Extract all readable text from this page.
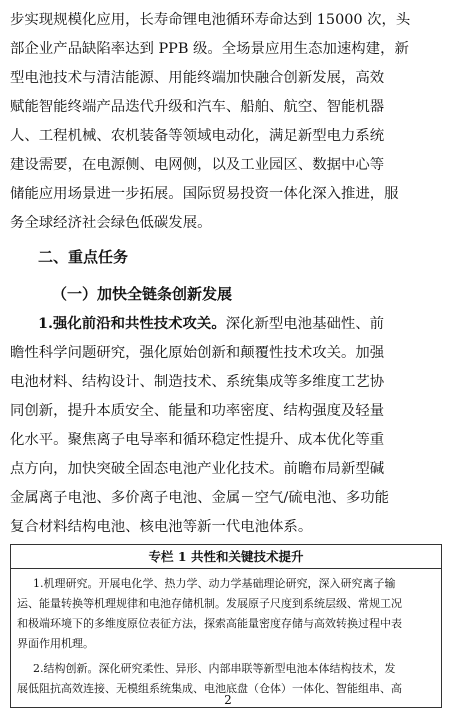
步实现规模化应用，长寿命锂电池循环寿命达到 15000 次，头
部企业产品缺陷率达到 PPB 级。全场景应用生态加速构建，新
型电池技术与清洁能源、用能终端加快融合创新发展，高效
赋能智能终端产品迭代升级和汽车、船舶、航空、智能机器
人、工程机械、农机装备等领域电动化，满足新型电力系统
建设需要，在电源侧、电网侧，以及工业园区、数据中心等
储能应用场景进一步拓展。国际贸易投资一体化深入推进，服
务全球经济社会绿色低碳发展。
二、重点任务
（一）加快全链条创新发展
1.强化前沿和共性技术攻关。深化新型电池基础性、前
瞻性科学问题研究，强化原始创新和颠覆性技术攻关。加强
电池材料、结构设计、制造技术、系统集成等多维度工艺协
同创新，提升本质安全、能量和功率密度、结构强度及轻量
化水平。聚焦离子电导率和循环稳定性提升、成本优化等重
点方向，加快突破全固态电池产业化技术。前瞻布局新型碱
金属离子电池、多价离子电池、金属－空气/硫电池、多功能
复合材料结构电池、核电池等新一代电池体系。
专栏 1 共性和关键技术提升
1.机理研究。开展电化学、热力学、动力学基础理论研究，深入研究离子输
运、能量转换等机理规律和电池存储机制。发展原子尺度到系统层级、常规工况
和极端环境下的多维度原位表征方法，探索高能量密度存储与高效转换过程中表
界面作用机理。
2.结构创新。深化研究柔性、异形、内部串联等新型电池本体结构技术，发
展低阻抗高效连接、无模组系统集成、电池底盘（仓体）一体化、智能组串、高
2
